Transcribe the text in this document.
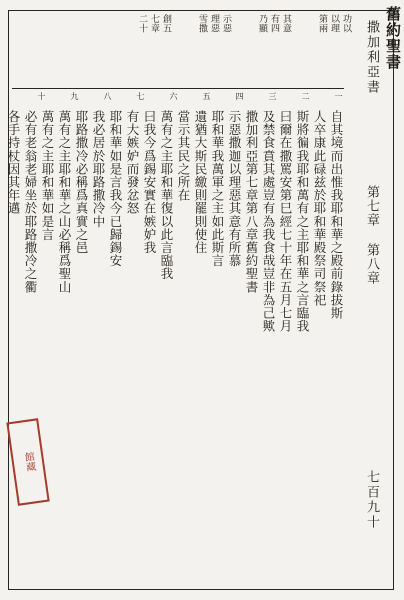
舊約聖書
撒加利亞書
第七章 第八章
七百九十
功以
以理
第兩
其意
有四
乃顯
示惡
理惡
雪撒
創五
七章
二十
一
二
三
四
五
六
七
八
九
十
自其境而出惟我耶和華之殿前錄拔斯
人卒康此碌兹於耶和華殿祭司祭祀
斯將徧我耶和萬有之主耶和華之言臨我
曰爾在撒罵安第巳經七十年在五月七月
及禁食賁其處豈有為我食哉豈非為己歟
撒加利亞第七章第八章舊約聖書
示惡撒迦以理惡其意有所慕
耶和華我萬軍之主如此斯言
遺猶大斯民繳則罷則使住
當示其民之所在
萬有之主耶和華復以此言臨我
曰我今爲錫安實在嫉妒我
有大嫉妒而發忿怒
耶和華如是言我今已歸錫安
我必居於耶路撒冷中
耶路撒冷必稱爲真實之邑
萬有之主耶和華之山必稱爲聖山
萬有之主耶和華如是言
必有老翁老婦坐於耶路撒冷之衢
各手持杖因其年邁
館藏
